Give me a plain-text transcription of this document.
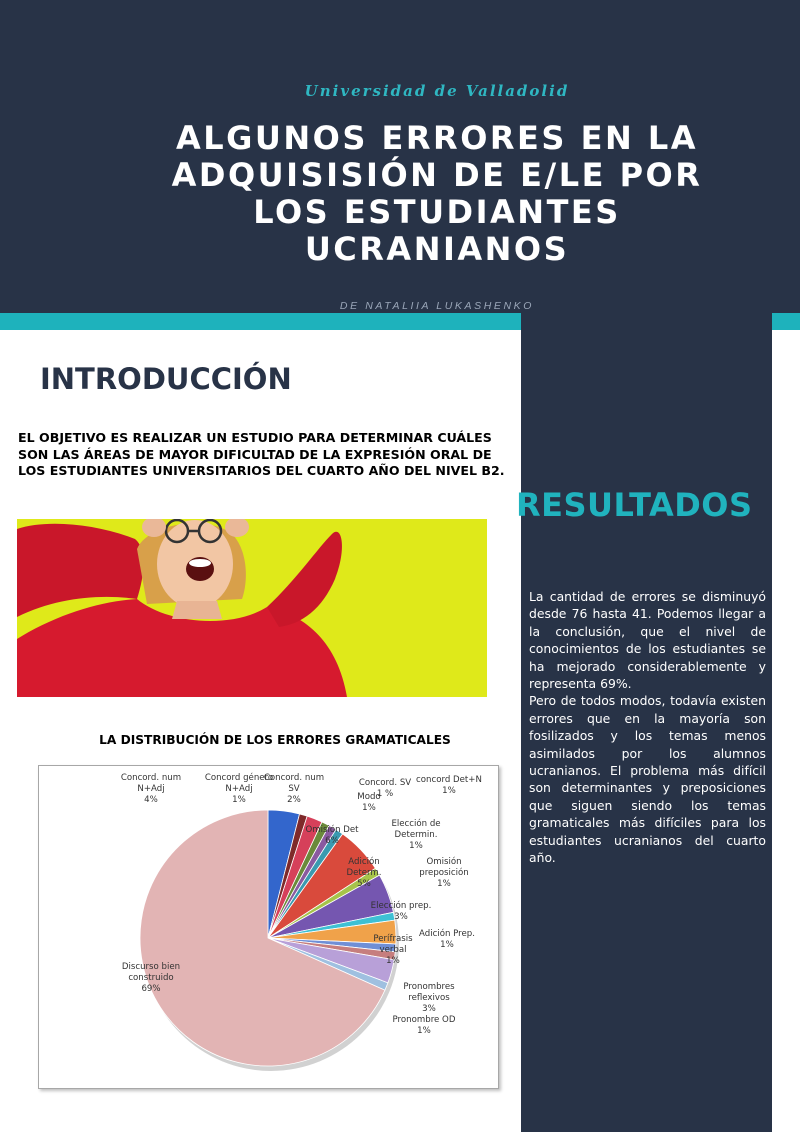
Universidad de Valladolid
ALGUNOS ERRORES EN LA ADQUISISIÓN DE E/LE POR LOS ESTUDIANTES UCRANIANOS
DE NATALIIA LUKASHENKO
RESULTADOS

La cantidad de errores se disminuyó desde 76 hasta 41. Podemos llegar a la conclusión, que el nivel de conocimientos de los estudiantes se ha mejorado considerablemente y representa 69%.

Pero de todos modos, todavía existen errores que en la mayoría son fosilizados y los temas menos asimilados por los alumnos ucranianos. El problema más difícil son determinantes y preposiciones que siguen siendo los temas gramaticales más difíciles para los estudiantes ucranianos del cuarto año.

INTRODUCCIÓN
EL OBJETIVO ES REALIZAR UN ESTUDIO PARA DETERMINAR CUÁLES SON LAS ÁREAS DE MAYOR DIFICULTAD DE LA EXPRESIÓN ORAL DE LOS ESTUDIANTES UNIVERSITARIOS DEL CUARTO AÑO DEL NIVEL B2.
LA DISTRIBUCIÓN DE LOS ERRORES GRAMATICALES
Concord. num N+Adj 4%
Concord género N+Adj 1%
Concord. num SV 2%
Concord. SV 1 %
concord Det+N 1%
Modo 1%
Omisión Det 6%
Elección de Determin. 1%
Adición Determ. 5%
Omisión preposición 1%
Elección prep. 3%
Adición Prep. 1%
Perífrasis verbal 1%
Pronombres reflexivos 3%
Pronombre OD 1%
Discurso bien construido 69%
